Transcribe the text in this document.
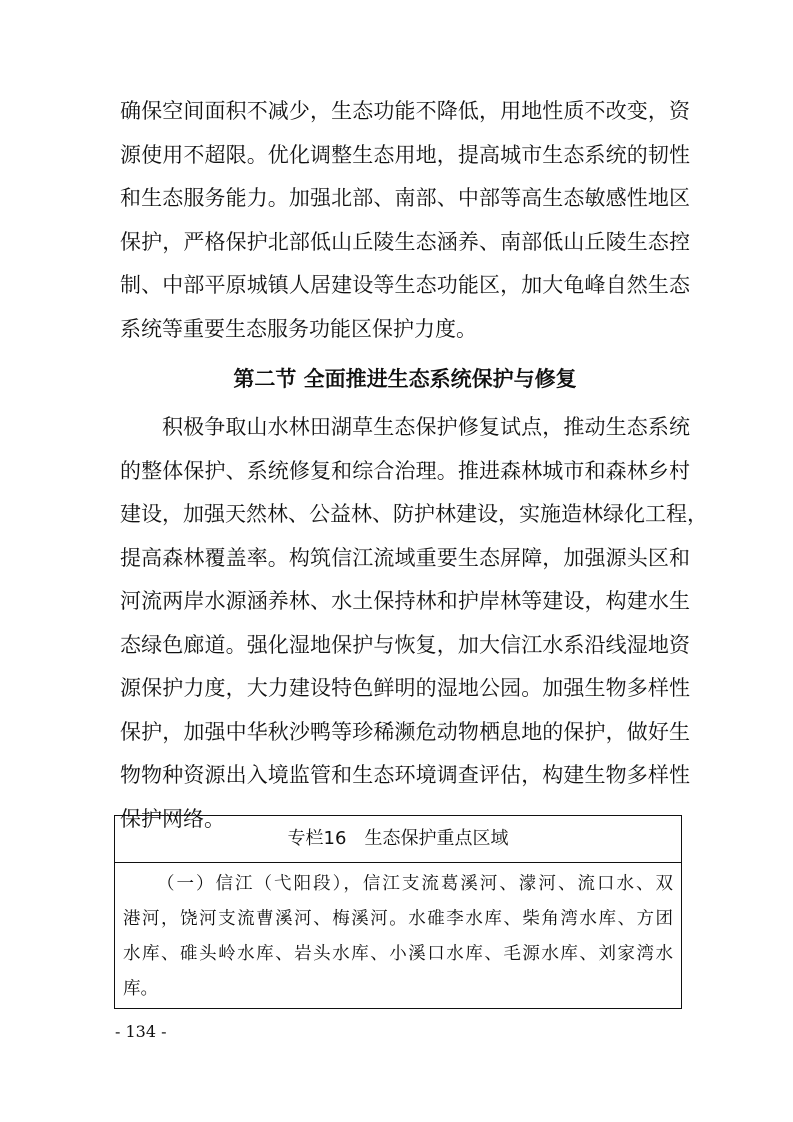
确保空间面积不减少，生态功能不降低，用地性质不改变，资
源使用不超限。优化调整生态用地，提高城市生态系统的韧性
和生态服务能力。加强北部、南部、中部等高生态敏感性地区
保护，严格保护北部低山丘陵生态涵养、南部低山丘陵生态控
制、中部平原城镇人居建设等生态功能区，加大龟峰自然生态
系统等重要生态服务功能区保护力度。
第二节 全面推进生态系统保护与修复
积极争取山水林田湖草生态保护修复试点，推动生态系统
的整体保护、系统修复和综合治理。推进森林城市和森林乡村
建设，加强天然林、公益林、防护林建设，实施造林绿化工程，
提高森林覆盖率。构筑信江流域重要生态屏障，加强源头区和
河流两岸水源涵养林、水土保持林和护岸林等建设，构建水生
态绿色廊道。强化湿地保护与恢复，加大信江水系沿线湿地资
源保护力度，大力建设特色鲜明的湿地公园。加强生物多样性
保护，加强中华秋沙鸭等珍稀濒危动物栖息地的保护，做好生
物物种资源出入境监管和生态环境调查评估，构建生物多样性
保护网络。
专栏16　生态保护重点区域
（一）信江（弋阳段），信江支流葛溪河、濛河、流口水、双
港河，饶河支流曹溪河、梅溪河。水碓李水库、柴角湾水库、方团
水库、碓头岭水库、岩头水库、小溪口水库、毛源水库、刘家湾水
库。
- 134 -
